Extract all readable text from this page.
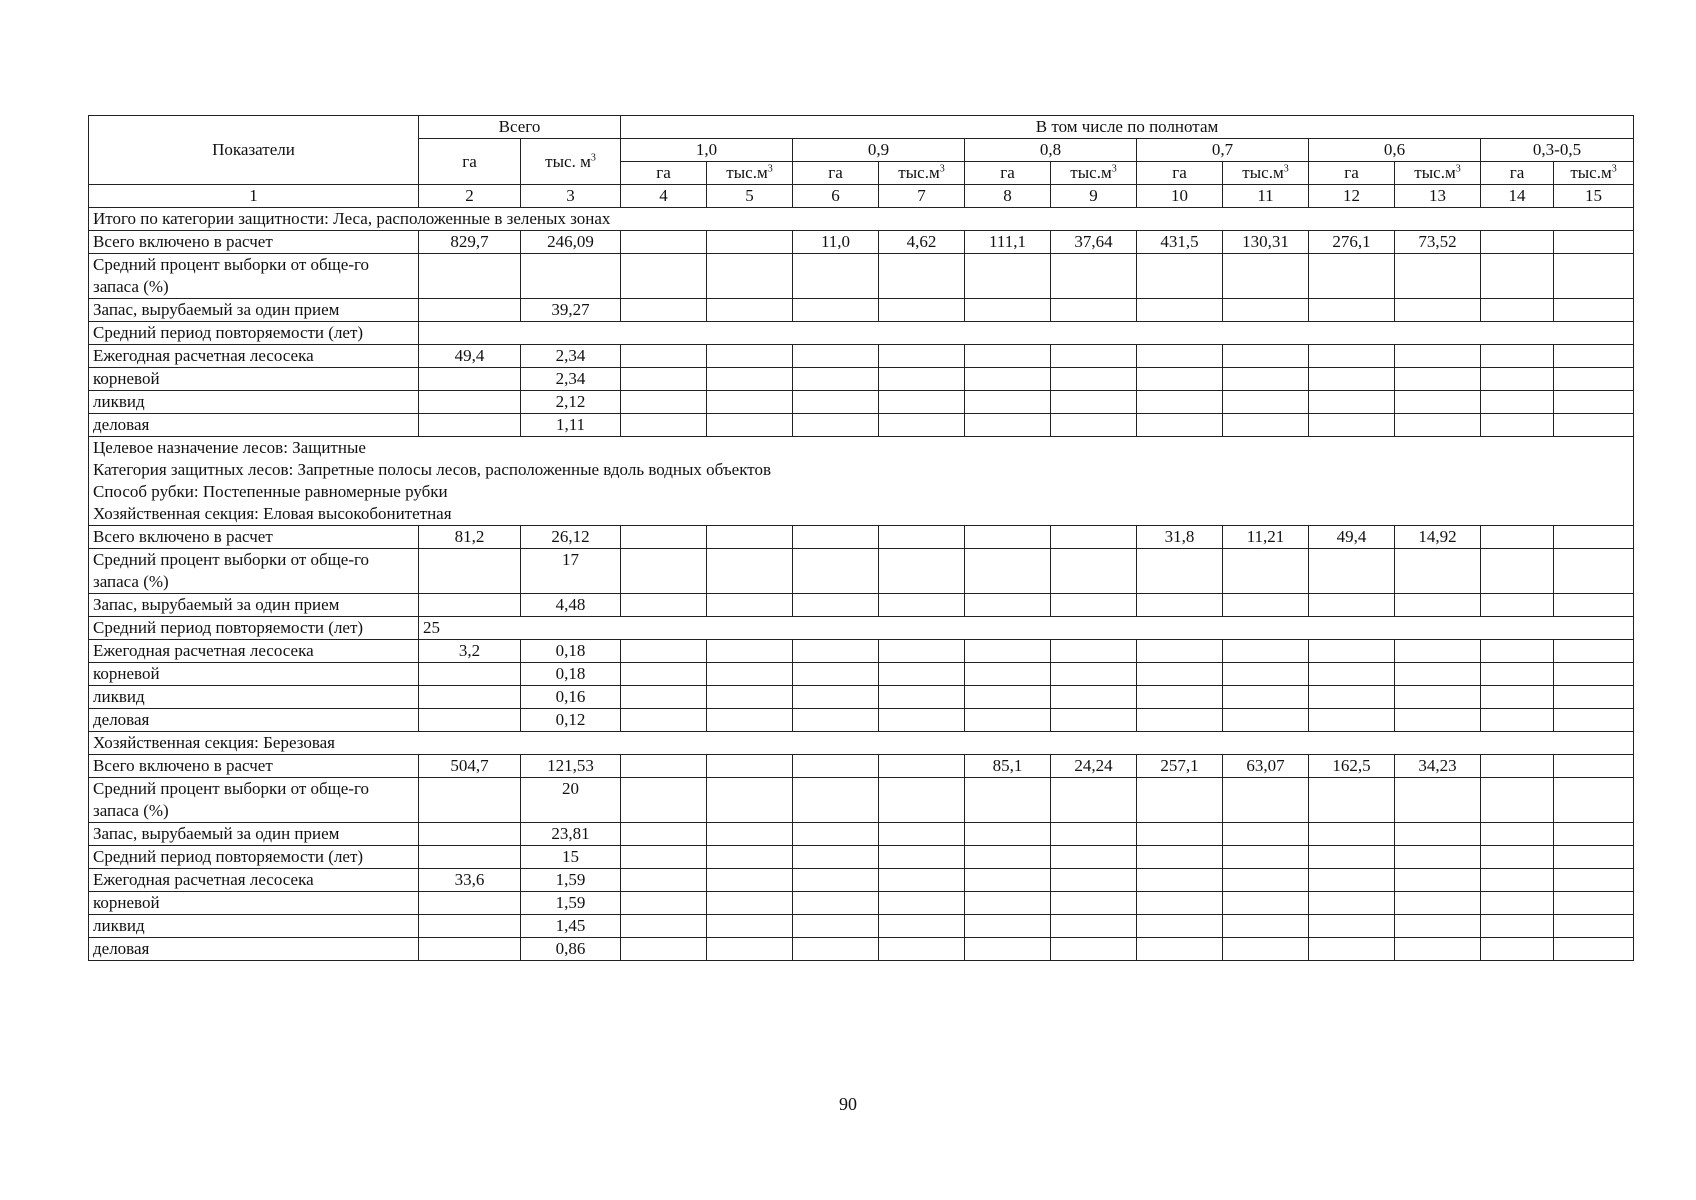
Показатели	Всего		В том числе по полнотам											
	га	тыс. $м^3$	1,0		0,9		0,8		0,7		0,6		0,3-0,5	
			га	$тыс.м^3$	га	$тыс.м^3$	га	$тыс.м^3$	га	$тыс.м^3$	га	$тыс.м^3$	га	$тыс.м^3$
1	2	3	4	5	6	7	8	9	10	11	12	13	14	15

Итого по категории защитности: Леса, расположенные в зеленых зонах														

Всего включено в расчет	829,7	246,09			11,0	4,62	111,1	37,64	431,5	130,31	276,1	73,52		
Средний процент выборки от обще-го запаса (%)														
Запас, вырубаемый за один прием		39,27												
Средний период повторяемости (лет)														
Ежегодная расчетная лесосека	49,4	2,34												
корневой		2,34												
ликвид		2,12												
деловая		1,11												

Целевое назначение лесов: Защитные
Категория защитных лесов: Запретные полосы лесов, расположенные вдоль водных объектов
Способ рубки: Постепенные равномерные рубки
Хозяйственная секция: Еловая высокобонитетная														

Всего включено в расчет	81,2	26,12							31,8	11,21	49,4	14,92		
Средний процент выборки от обще-го запаса (%)		17												
Запас, вырубаемый за один прием		4,48												
Средний период повторяемости (лет)	25													
Ежегодная расчетная лесосека	3,2	0,18												
корневой		0,18												
ликвид		0,16												
деловая		0,12												

Хозяйственная секция: Березовая														

Всего включено в расчет	504,7	121,53					85,1	24,24	257,1	63,07	162,5	34,23		
Средний процент выборки от обще-го запаса (%)		20												
Запас, вырубаемый за один прием		23,81												
Средний период повторяемости (лет)		15												
Ежегодная расчетная лесосека	33,6	1,59												
корневой		1,59												
ликвид		1,45												
деловая		0,86												
90
